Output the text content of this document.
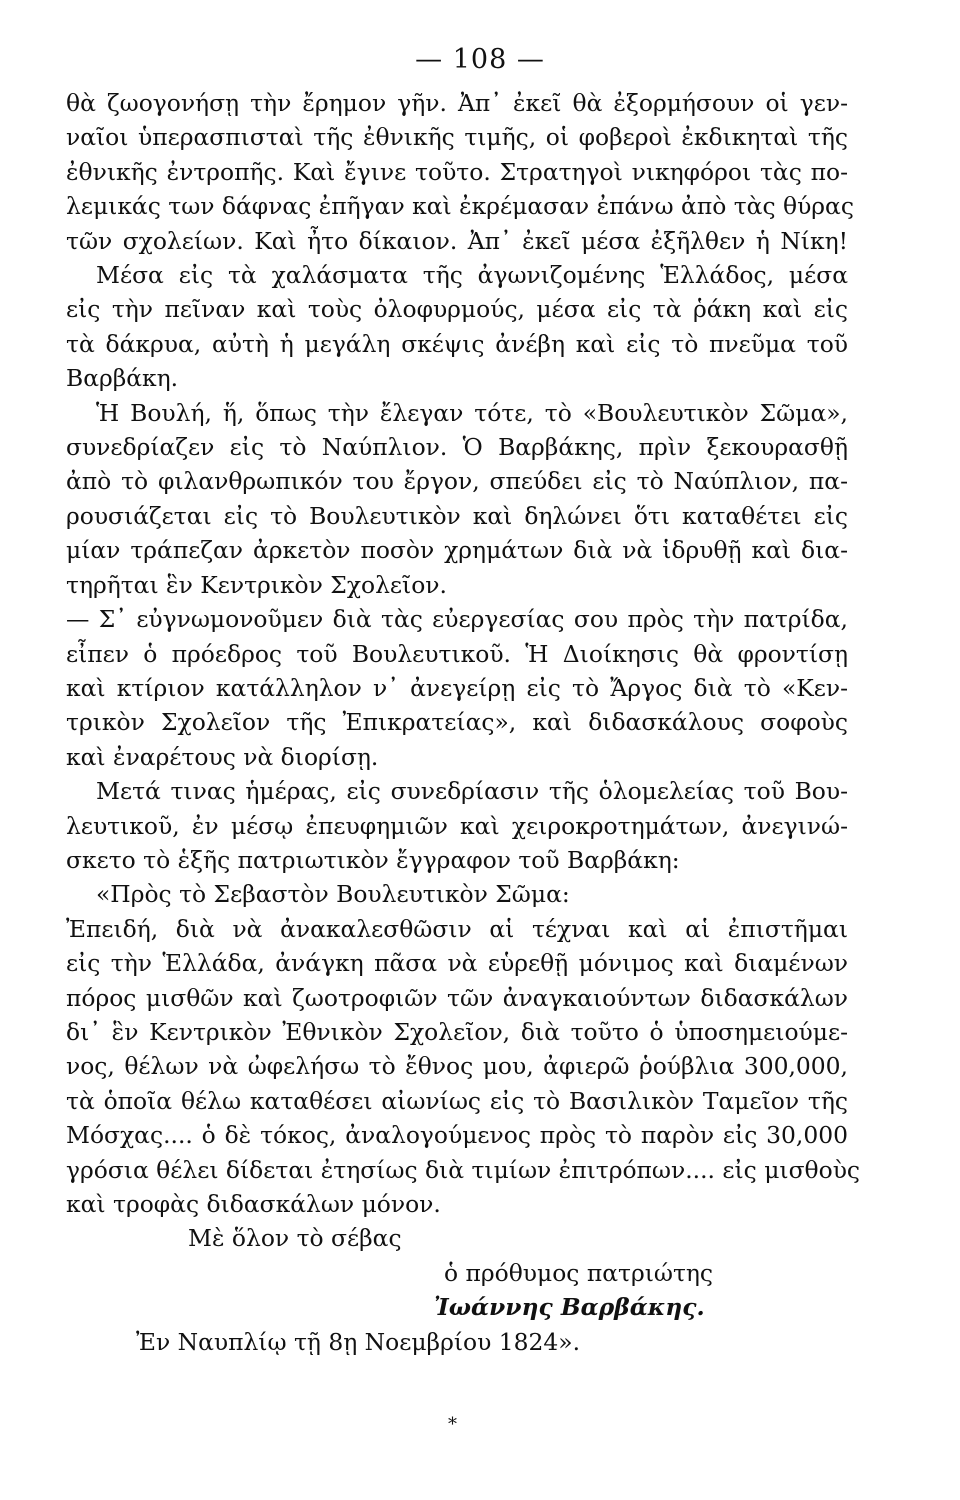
— 108 —
θὰ ζωογονήσῃ τὴν ἔρημον γῆν. Ἀπ᾽ ἐκεῖ θὰ ἐξορμήσουν οἱ γεν-
ναῖοι ὑπερασπισταὶ τῆς ἐθνικῆς τιμῆς, οἱ φοβεροὶ ἐκδικηταὶ τῆς
ἐθνικῆς ἐντροπῆς. Καὶ ἔγινε τοῦτο. Στρατηγοὶ νικηφόροι τὰς πο-
λεμικάς των δάφνας ἐπῆγαν καὶ ἐκρέμασαν ἐπάνω ἀπὸ τὰς θύρας
τῶν σχολείων. Καὶ ἦτο δίκαιον. Ἀπ᾽ ἐκεῖ μέσα ἐξῆλθεν ἡ Νίκη!
Μέσα εἰς τὰ χαλάσματα τῆς ἀγωνιζομένης Ἑλλάδος, μέσα
εἰς τὴν πεῖναν καὶ τοὺς ὀλοφυρμούς, μέσα εἰς τὰ ῥάκη καὶ εἰς
τὰ δάκρυα, αὐτὴ ἡ μεγάλη σκέψις ἀνέβη καὶ εἰς τὸ πνεῦμα τοῦ
Βαρβάκη.
Ἡ Βουλή, ἥ, ὅπως τὴν ἔλεγαν τότε, τὸ «Βουλευτικὸν Σῶμα»,
συνεδρίαζεν εἰς τὸ Ναύπλιον. Ὁ Βαρβάκης, πρὶν ξεκουρασθῇ
ἀπὸ τὸ φιλανθρωπικόν του ἔργον, σπεύδει εἰς τὸ Ναύπλιον, πα-
ρουσιάζεται εἰς τὸ Βουλευτικὸν καὶ δηλώνει ὅτι καταθέτει εἰς
μίαν τράπεζαν ἀρκετὸν ποσὸν χρημάτων διὰ νὰ ἱδρυθῇ καὶ δια-
τηρῆται ἓν Κεντρικὸν Σχολεῖον.
— Σ᾽ εὐγνωμονοῦμεν διὰ τὰς εὐεργεσίας σου πρὸς τὴν πατρίδα,
εἶπεν ὁ πρόεδρος τοῦ Βουλευτικοῦ. Ἡ Διοίκησις θὰ φροντίσῃ
καὶ κτίριον κατάλληλον ν᾽ ἀνεγείρῃ εἰς τὸ Ἄργος διὰ τὸ «Κεν-
τρικὸν Σχολεῖον τῆς Ἐπικρατείας», καὶ διδασκάλους σοφοὺς
καὶ ἐναρέτους νὰ διορίσῃ.
Μετά τινας ἡμέρας, εἰς συνεδρίασιν τῆς ὁλομελείας τοῦ Βου-
λευτικοῦ, ἐν μέσῳ ἐπευφημιῶν καὶ χειροκροτημάτων, ἀνεγινώ-
σκετο τὸ ἑξῆς πατριωτικὸν ἔγγραφον τοῦ Βαρβάκη:
«Πρὸς τὸ Σεβαστὸν Βουλευτικὸν Σῶμα:
Ἐπειδή, διὰ νὰ ἀνακαλεσθῶσιν αἱ τέχναι καὶ αἱ ἐπιστῆμαι
εἰς τὴν Ἑλλάδα, ἀνάγκη πᾶσα νὰ εὑρεθῇ μόνιμος καὶ διαμένων
πόρος μισθῶν καὶ ζωοτροφιῶν τῶν ἀναγκαιούντων διδασκάλων
δι᾽ ἓν Κεντρικὸν Ἐθνικὸν Σχολεῖον, διὰ τοῦτο ὁ ὑποσημειούμε-
νος, θέλων νὰ ὠφελήσω τὸ ἔθνος μου, ἀφιερῶ ῥούβλια 300,000,
τὰ ὁποῖα θέλω καταθέσει αἰωνίως εἰς τὸ Βασιλικὸν Ταμεῖον τῆς
Μόσχας.... ὁ δὲ τόκος, ἀναλογούμενος πρὸς τὸ παρὸν εἰς 30,000
γρόσια θέλει δίδεται ἐτησίως διὰ τιμίων ἐπιτρόπων.... εἰς μισθοὺς
καὶ τροφὰς διδασκάλων μόνον.
Μὲ ὅλον τὸ σέβας
ὁ πρόθυμος πατριώτης
Ἰωάννης Βαρβάκης.
Ἐν Ναυπλίῳ τῇ 8ῃ Νοεμβρίου 1824».
*
